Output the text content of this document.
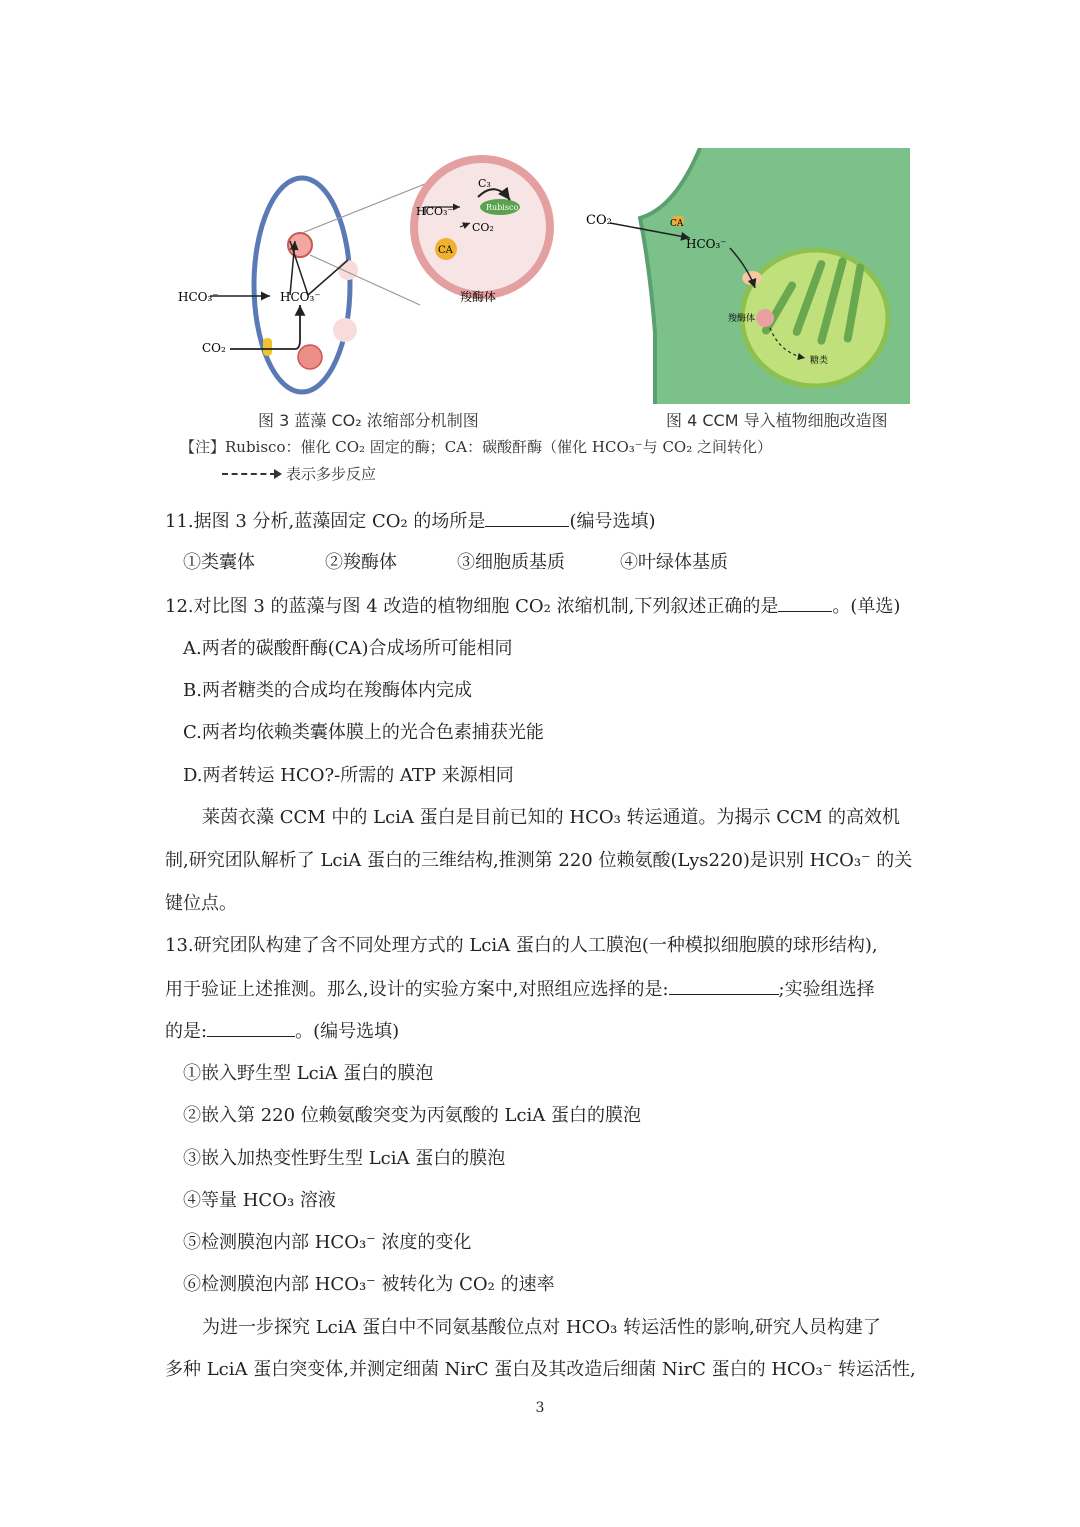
HCO₃⁻	HCO₃⁻
CO₂
C₃
Rubisco
HCO₃⁻
CO₂
CA
羧酶体
图 3 蓝藻 CO₂ 浓缩部分机制图
CO₂	CA
HCO₃⁻
羧酶体
糖类
图 4 CCM 导入植物细胞改造图
【注】Rubisco：催化 CO₂ 固定的酶；CA：碳酸酐酶（催化 HCO₃⁻与 CO₂ 之间转化）
表示多步反应
11.据图 3 分析,蓝藻固定 CO₂ 的场所是	(编号选填)
①类囊体	②羧酶体	③细胞质基质	④叶绿体基质
12.对比图 3 的蓝藻与图 4 改造的植物细胞 CO₂ 浓缩机制,下列叙述正确的是	。(单选)
A.两者的碳酸酐酶(CA)合成场所可能相同
B.两者糖类的合成均在羧酶体内完成
C.两者均依赖类囊体膜上的光合色素捕获光能
D.两者转运 HCO?-所需的 ATP 来源相同
莱茵衣藻 CCM 中的 LciA 蛋白是目前已知的 HCO₃ 转运通道。为揭示 CCM 的高效机
制,研究团队解析了 LciA 蛋白的三维结构,推测第 220 位赖氨酸(Lys220)是识别 HCO₃⁻ 的关
键位点。
13.研究团队构建了含不同处理方式的 LciA 蛋白的人工膜泡(一种模拟细胞膜的球形结构),
用于验证上述推测。那么,设计的实验方案中,对照组应选择的是:	;实验组选择
的是:	。(编号选填)
①嵌入野生型 LciA 蛋白的膜泡
②嵌入第 220 位赖氨酸突变为丙氨酸的 LciA 蛋白的膜泡
③嵌入加热变性野生型 LciA 蛋白的膜泡
④等量 HCO₃ 溶液
⑤检测膜泡内部 HCO₃⁻ 浓度的变化
⑥检测膜泡内部 HCO₃⁻ 被转化为 CO₂ 的速率
为进一步探究 LciA 蛋白中不同氨基酸位点对 HCO₃ 转运活性的影响,研究人员构建了
多种 LciA 蛋白突变体,并测定细菌 NirC 蛋白及其改造后细菌 NirC 蛋白的 HCO₃⁻ 转运活性,
3
